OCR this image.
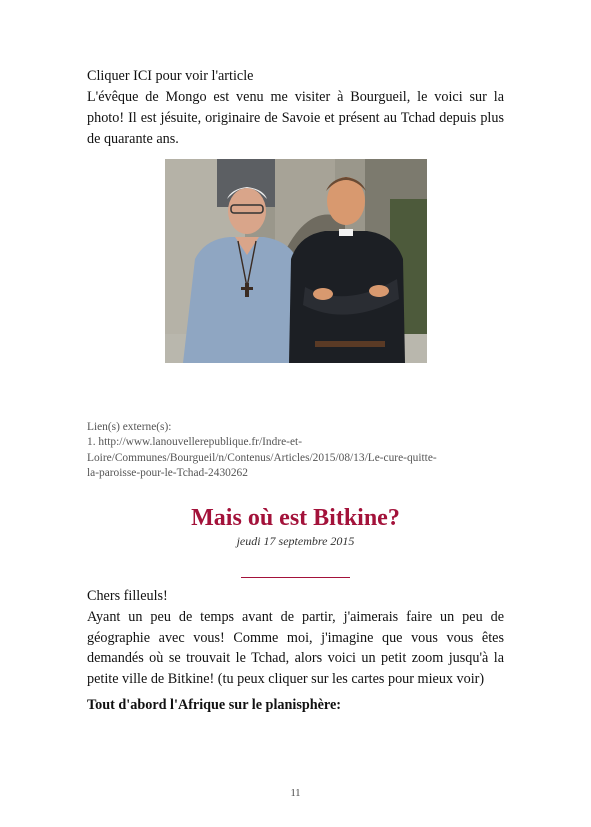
Cliquer ICI pour voir l'article

L'évêque de Mongo est venu me visiter à Bourgueil, le voici sur la photo! Il est jésuite, originaire de Savoie et présent au Tchad depuis plus de quarante ans.

Lien(s) externe(s):
1. http://www.lanouvellerepublique.fr/Indre-et-
Loire/Communes/Bourgueil/n/Contenus/Articles/2015/08/13/Le-cure-quitte-
la-paroisse-pour-le-Tchad-2430262
Mais où est Bitkine?
jeudi 17 septembre 2015
Chers filleuls!

Ayant un peu de temps avant de partir, j'aimerais faire un peu de géographie avec vous! Comme moi, j'imagine que vous vous êtes demandés où se trouvait le Tchad, alors voici un petit zoom jusqu'à la petite ville de Bitkine! (tu peux cliquer sur les cartes pour mieux voir)

Tout d'abord l'Afrique sur le planisphère:
11
